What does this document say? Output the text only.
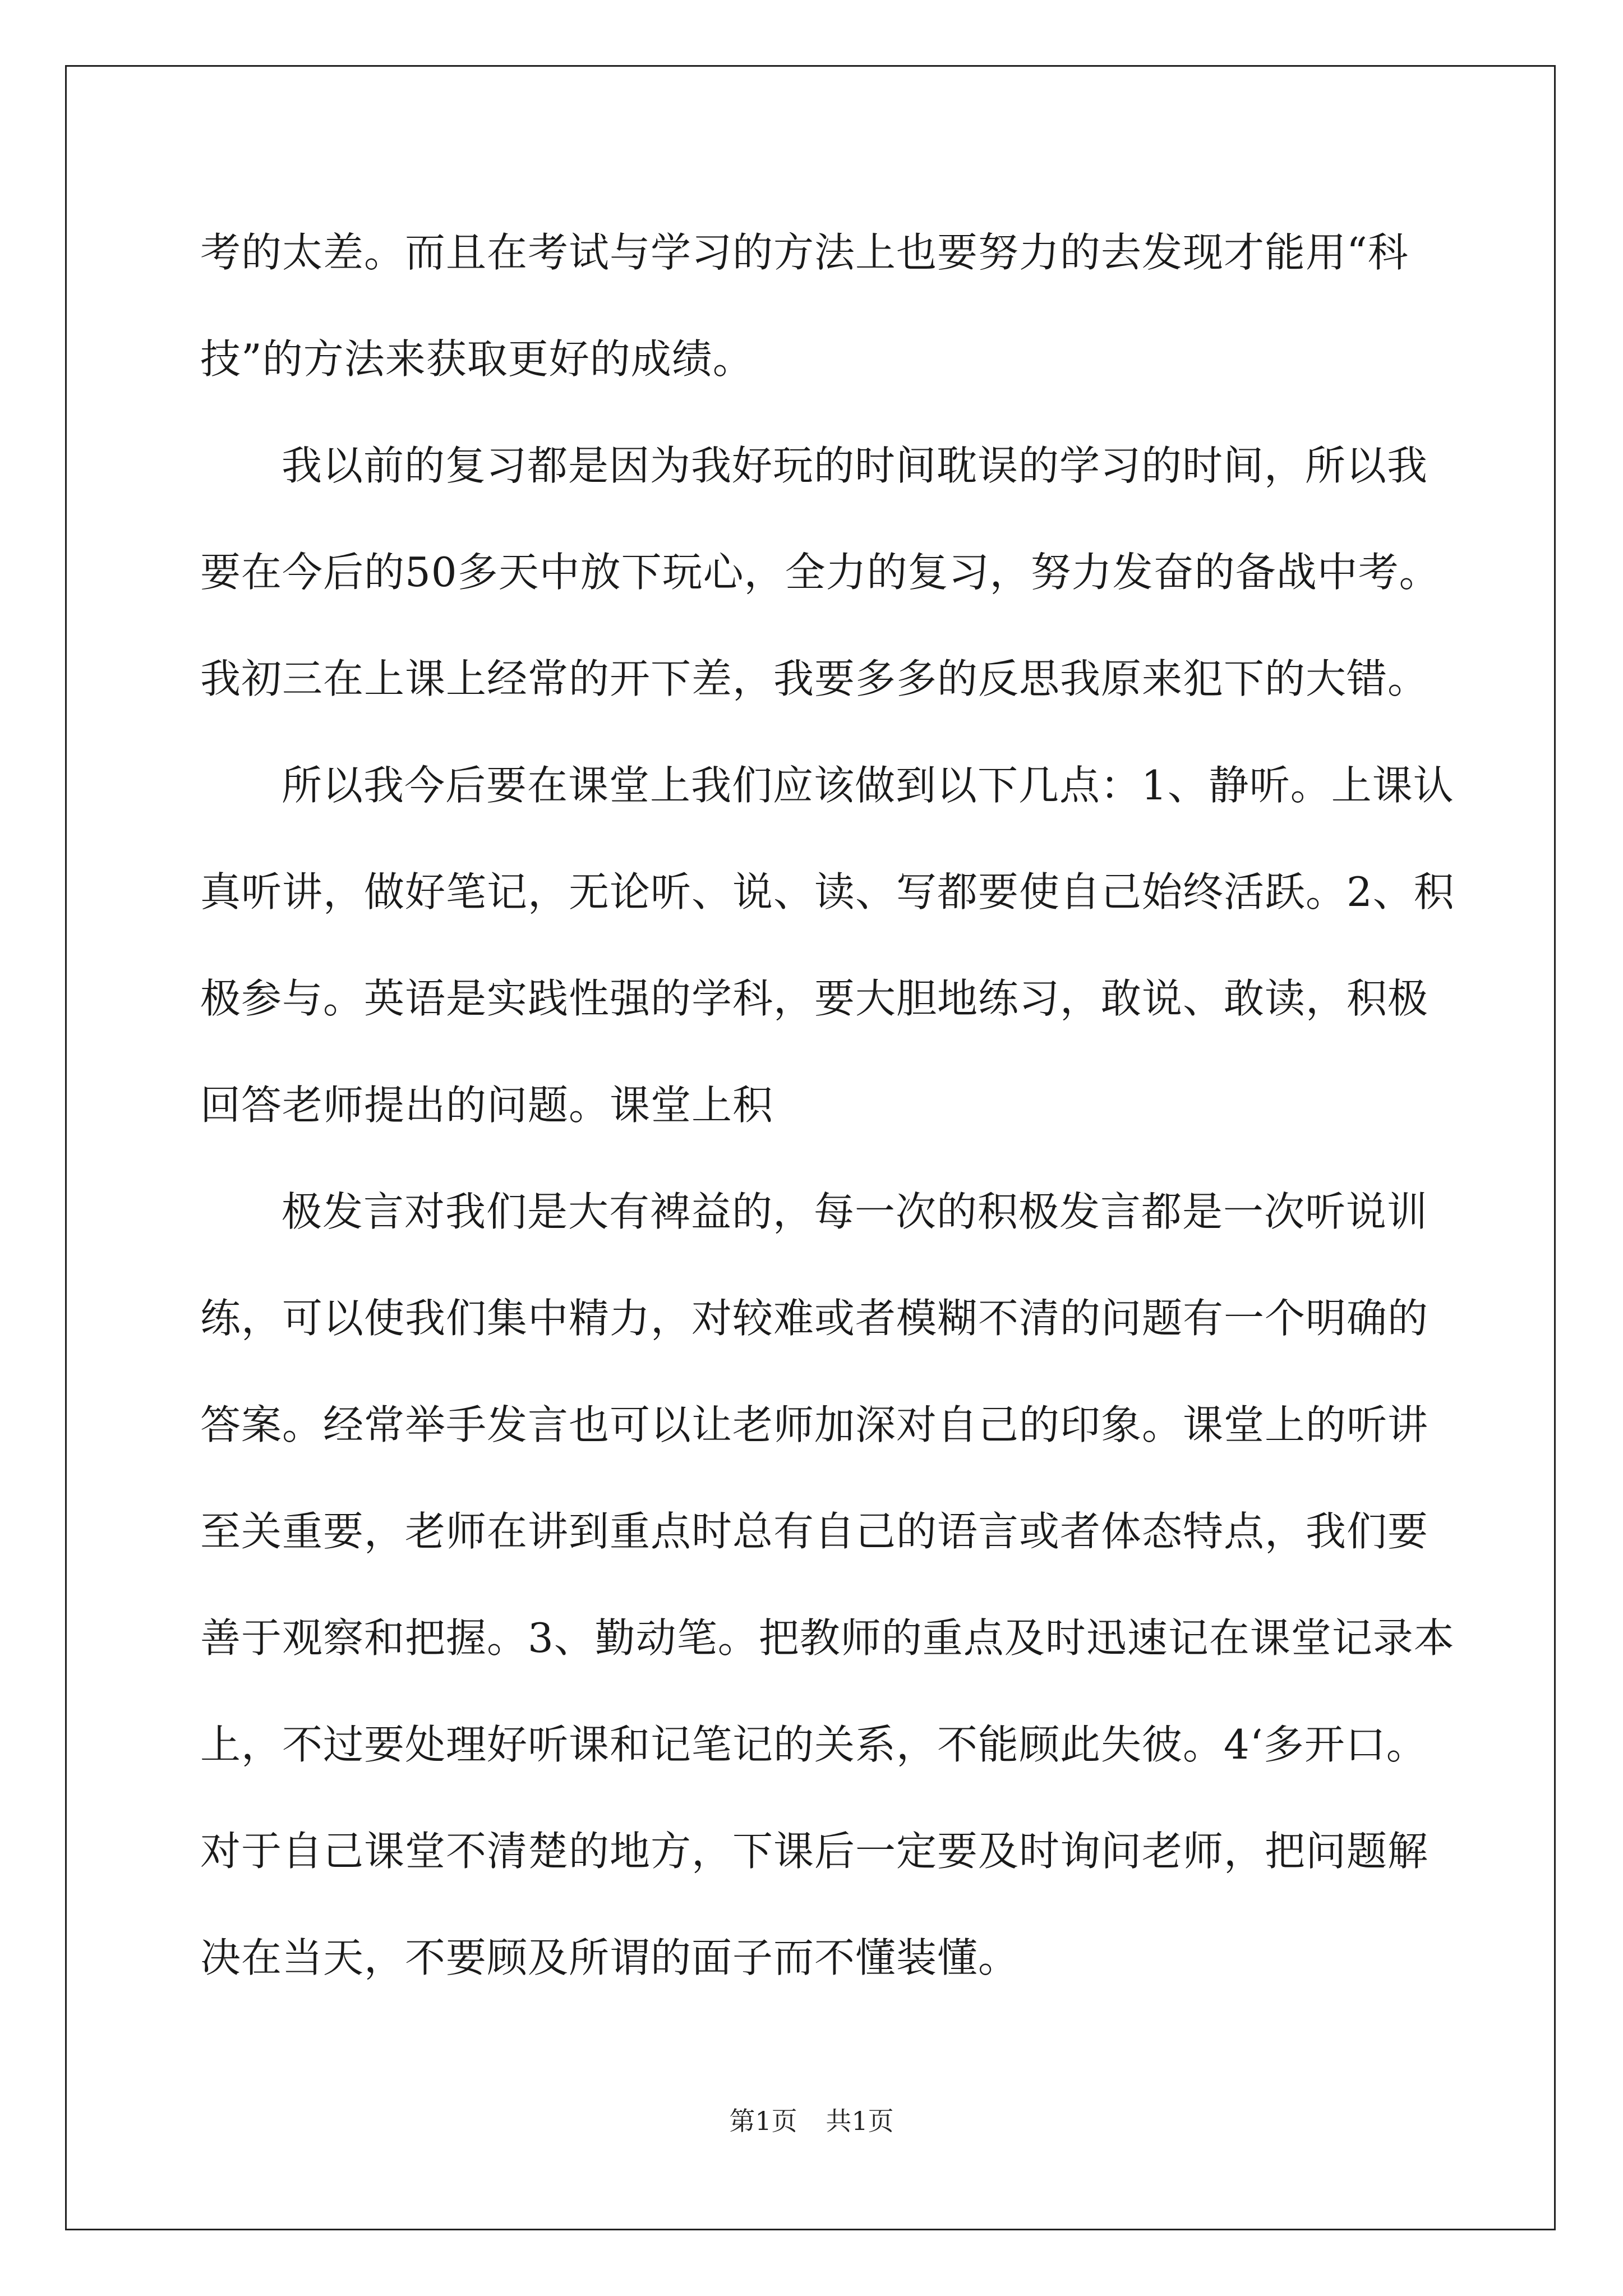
考的太差。而且在考试与学习的方法上也要努力的去发现才能用“科
技”的方法来获取更好的成绩。
我以前的复习都是因为我好玩的时间耽误的学习的时间，所以我
要在今后的50多天中放下玩心，全力的复习，努力发奋的备战中考。
我初三在上课上经常的开下差，我要多多的反思我原来犯下的大错。
所以我今后要在课堂上我们应该做到以下几点：1、静听。上课认
真听讲，做好笔记，无论听、说、读、写都要使自己始终活跃。2、积
极参与。英语是实践性强的学科，要大胆地练习，敢说、敢读，积极
回答老师提出的问题。课堂上积
极发言对我们是大有裨益的，每一次的积极发言都是一次听说训
练，可以使我们集中精力，对较难或者模糊不清的问题有一个明确的
答案。经常举手发言也可以让老师加深对自己的印象。课堂上的听讲
至关重要，老师在讲到重点时总有自己的语言或者体态特点，我们要
善于观察和把握。3、勤动笔。把教师的重点及时迅速记在课堂记录本
上，不过要处理好听课和记笔记的关系，不能顾此失彼。4‘多开口。
对于自己课堂不清楚的地方，下课后一定要及时询问老师，把问题解
决在当天，不要顾及所谓的面子而不懂装懂。
第1页 共1页
